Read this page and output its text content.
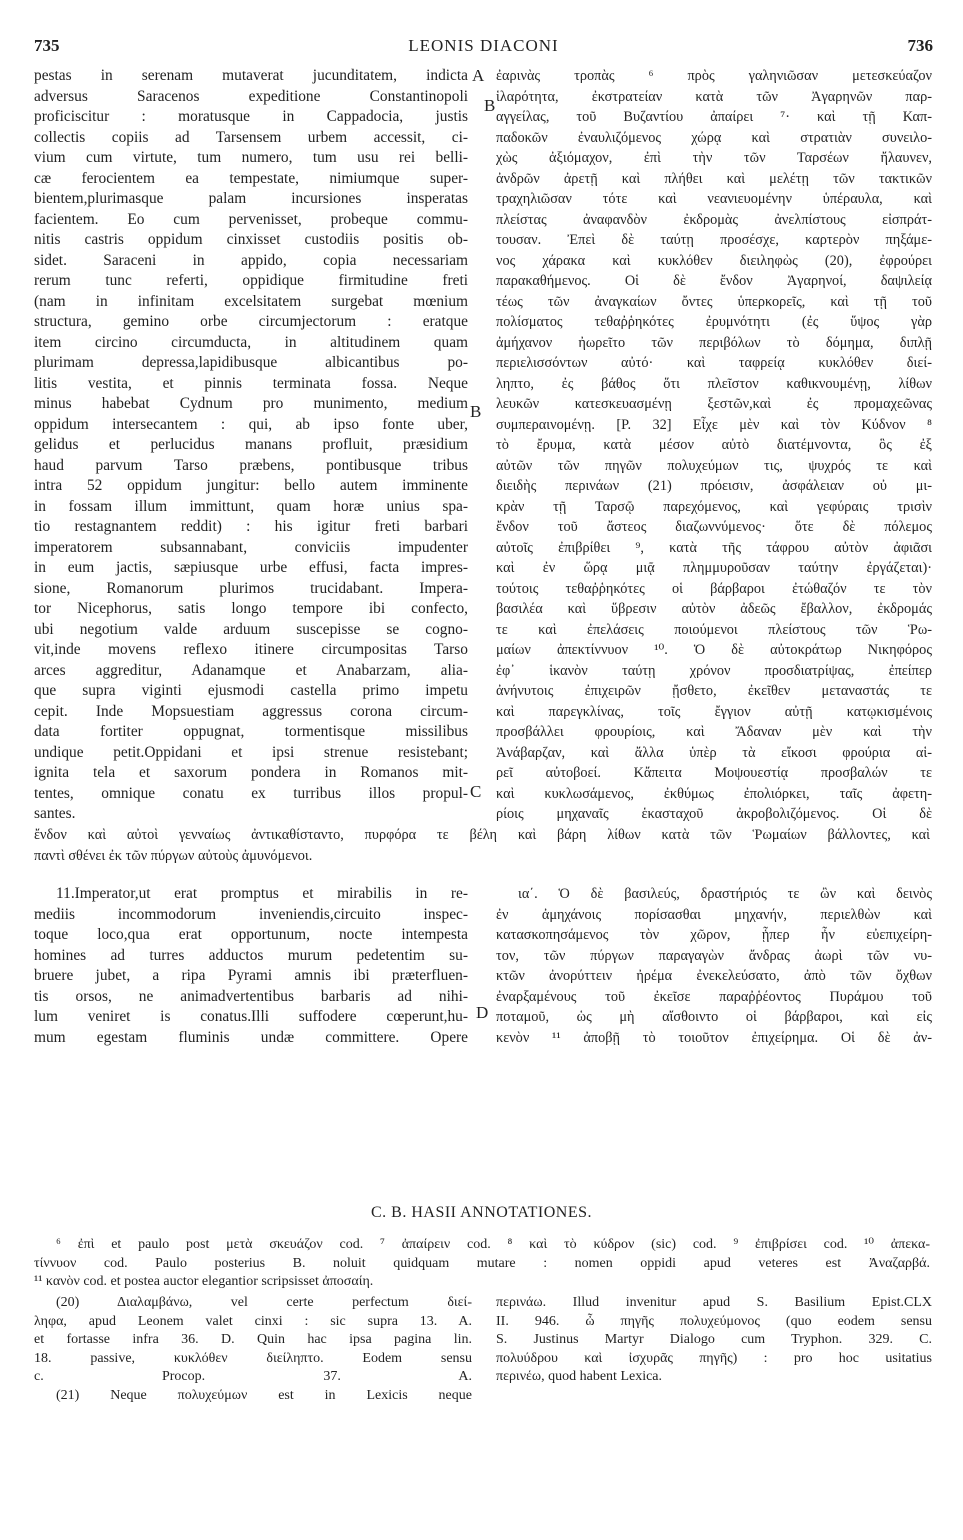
735	LEONIS DIACONI	736
pestas in serenam mutaverat jucunditatem, indicta
adversus Saracenos expeditione Constantinopoli
proficiscitur : moratusque in Cappadocia, justis
collectis copiis ad Tarsensem urbem accessit, ci-
vium cum virtute, tum numero, tum usu rei belli-
cæ ferocientem ea tempestate, nimiumque super-
bientem,plurimasque palam incursiones insperatas
facientem. Eo cum pervenisset, probeque commu-
nitis castris oppidum cinxisset custodiis positis ob-
sidet. Saraceni in appido, copia necessariam
rerum tunc referti, oppidique firmitudine freti
(nam in infinitam excelsitatem surgebat mœnium
structura, gemino orbe circumjectorum : eratque
item circino circumducta, in altitudinem quam
plurimam depressa,lapidibusque albicantibus po-
litis vestita, et pinnis terminata fossa. Neque
minus habebat Cydnum pro munimento, medium
oppidum intersecantem : qui, ab ipso fonte uber,
gelidus et perlucidus manans profluit, præsidium
haud parvum Tarso præbens, pontibusque tribus
intra 52 oppidum jungitur: bello autem imminente
in fossam illum immittunt, quam horæ unius spa-
tio restagnantem reddit) : his igitur freti barbari
imperatorem subsannabant, conviciis impudenter
in eum jactis, sæpiusque urbe effusi, facta impres-
sione, Romanorum plurimos trucidabant. Impera-
tor Nicephorus, satis longo tempore ibi confecto,
ubi negotium valde arduum suscepisse se cogno-
vit,inde movens reflexo itinere circumpositas Tarso
arces aggreditur, Adanamque et Anabarzam, alia-
que supra viginti ejusmodi castella primo impetu
cepit. Inde Mopsuestiam aggressus corona circum-
data fortiter oppugnat, tormentisque missilibus
undique petit.Oppidani et ipsi strenue resistebant;
ignita tela et saxorum pondera in Romanos mit-
tentes, omnique conatu ex turribus illos propul-
santes.
ἐαρινὰς τροπὰς ⁶ πρὸς γαληνιῶσαν μετεσκεύαζον
ἱλαρότητα, ἐκστρατείαν κατὰ τῶν Ἀγαρηνῶν παρ-
αγγείλας, τοῦ Βυζαντίου ἀπαίρει ⁷· καὶ τῇ Καπ-
παδοκῶν ἐναυλιζόμενος χώρᾳ καὶ στρατιὰν συνειλο-
χὼς ἀξιόμαχον, ἐπὶ τὴν τῶν Ταρσέων ἤλαυνεν,
ἀνδρῶν ἀρετῇ καὶ πλήθει καὶ μελέτῃ τῶν τακτικῶν
τραχηλιῶσαν τότε καὶ νεανιευομένην ὑπέραυλα, καὶ
πλείστας ἀναφανδὸν ἐκδρομὰς ἀνελπίστους εἰσπράτ-
τουσαν. Ἐπεὶ δὲ ταύτῃ προσέσχε, καρτερὸν πηξάμε-
νος χάρακα καὶ κυκλόθεν διειληφὼς (20), ἐφρούρει
παρακαθήμενος. Οἱ δὲ ἔνδον Ἀγαρηνοί, δαψιλείᾳ
τέως τῶν ἀναγκαίων ὄντες ὑπερκορεῖς, καὶ τῇ τοῦ
πολίσματος τεθαῤῥηκότες ἐρυμνότητι (ἐς ὕψος γὰρ
ἀμήχανον ἠωρεῖτο τῶν περιβόλων τὸ δόμημα, διπλῇ
περιελισσόντων αὐτό· καὶ ταφρείᾳ κυκλόθεν διεί-
ληπτο, ἐς βάθος ὅτι πλεῖστον καθικνουμένῃ, λίθων
λευκῶν κατεσκευασμένῃ ξεστῶν,καὶ ἐς προμαχεῶνας
συμπεραινομένῃ. [P. 32] Εἶχε μὲν καὶ τὸν Κύδνον ⁸
τὸ ἔρυμα, κατὰ μέσον αὐτὸ διατέμνοντα, ὃς ἐξ
αὐτῶν τῶν πηγῶν πολυχεύμων τις, ψυχρός τε καὶ
διειδὴς περινάων (21) πρόεισιν, ἀσφάλειαν οὐ μι-
κρὰν τῇ Ταρσῷ παρεχόμενος, καὶ γεφύραις τρισὶν
ἔνδον τοῦ ἄστεος διαζωννύμενος· ὅτε δὲ πόλεμος
αὐτοῖς ἐπιβρίθει ⁹, κατὰ τῆς τάφρου αὐτὸν ἀφιᾶσι
καὶ ἐν ὥρᾳ μιᾷ πλημμυροῦσαν ταύτην ἐργάζεται)·
τούτοις τεθαῤῥηκότες οἱ βάρβαροι ἐτώθαζόν τε τὸν
βασιλέα καὶ ὕβρεσιν αὐτὸν ἀδεῶς ἔβαλλον, ἐκδρομάς
τε καὶ ἐπελάσεις ποιούμενοι πλείστους τῶν Ῥω-
μαίων ἀπεκτίννυον ¹⁰. Ὁ δὲ αὐτοκράτωρ Νικηφόρος
ἐφ᾽ ἱκανὸν ταύτῃ χρόνον προσδιατρίψας, ἐπείπερ
ἀνήνυτοις ἐπιχειρῶν ᾔσθετο, ἐκεῖθεν μεταναστάς τε
καὶ παρεγκλίνας, τοῖς ἔγγιον αὐτῇ κατῳκισμένοις
προσβάλλει φρουρίοις, καὶ Ἄδαναν μὲν καὶ τὴν
Ἀνάβαρζαν, καὶ ἄλλα ὑπὲρ τὰ εἴκοσι φρούρια αἱ-
ρεῖ αὐτοβοεί. Κἄπειτα Μοψουεστίᾳ προσβαλών τε
καὶ κυκλωσάμενος, ἐκθύμως ἐπολιόρκει, ταῖς ἀφετη-
ρίοις μηχαναῖς ἑκασταχοῦ ἀκροβολιζόμενος. Οἱ δὲ
A
B
B
C
D
ἔνδον καὶ αὐτοὶ γενναίως ἀντικαθίσταντο, πυρφόρα τε βέλη καὶ βάρη λίθων κατὰ τῶν Ῥωμαίων βάλλοντες, καὶ
παντὶ σθένει ἐκ τῶν πύργων αὐτοὺς ἀμυνόμενοι.
11.Imperator,ut erat promptus et mirabilis in re-
mediis incommodorum inveniendis,circuito inspec-
toque loco,qua erat opportunum, nocte intempesta
homines ad turres adductos murum pedetentim su-
bruere jubet, a ripa Pyrami amnis ibi præterfluen-
tis orsos, ne animadvertentibus barbaris ad nihi-
lum veniret is conatus.Illi suffodere cœperunt,hu-
mum egestam fluminis undæ committere. Opere
ια΄. Ὁ δὲ βασιλεύς, δραστήριός τε ὢν καὶ δεινὸς
ἐν ἀμηχάνοις πορίσασθαι μηχανήν, περιελθὼν καὶ
κατασκοπησάμενος τὸν χῶρον, ᾗπερ ἦν εὐεπιχείρη-
τον, τῶν πύργων παραγαγὼν ἄνδρας ἀωρὶ τῶν νυ-
κτῶν ἀνορύττειν ἠρέμα ἐνεκελεύσατο, ἀπὸ τῶν ὄχθων
ἐναρξαμένους τοῦ ἐκεῖσε παραῤῥέοντος Πυράμου τοῦ
ποταμοῦ, ὡς μὴ αἴσθοιντο οἱ βάρβαροι, καὶ εἰς
κενὸν ¹¹ ἀποβῇ τὸ τοιοῦτον ἐπιχείρημα. Οἱ δὲ ἀν-
C. B. HASII ANNOTATIONES.
⁶ ἐπὶ et paulo post μετὰ σκευάζον cod. ⁷ ἀπαίρειν cod. ⁸ καὶ τὸ κύδρον (sic) cod. ⁹ ἐπιβρίσει cod. ¹⁰ ἀπεκα-
τίννυον cod. Paulo posterius B. noluit quidquam mutare : nomen oppidi apud veteres est Ἀναζαρβά.
¹¹ κανὸν cod. et postea auctor elegantior scripsisset ἀποσαίη.
(20) Διαλαμβάνω, vel certe perfectum διεί-
ληφα, apud Leonem valet cinxi : sic supra 13. A.
et fortasse infra 36. D. Quin hac ipsa pagina lin.
18. passive, κυκλόθεν διείληπτο. Eodem sensu
c. Procop. 37. A.
(21) Neque πολυχεύμων est in Lexicis neque
περινάω. Illud invenitur apud S. Basilium Epist.CLX
II. 946. ὦ πηγῆς πολυχεύμονος (quo eodem sensu
S. Justinus Martyr Dialogo cum Tryphon. 329. C.
πολυύδρου καὶ ἰσχυρᾶς πηγῆς) : pro hoc usitatius
περινέω, quod habent Lexica.
